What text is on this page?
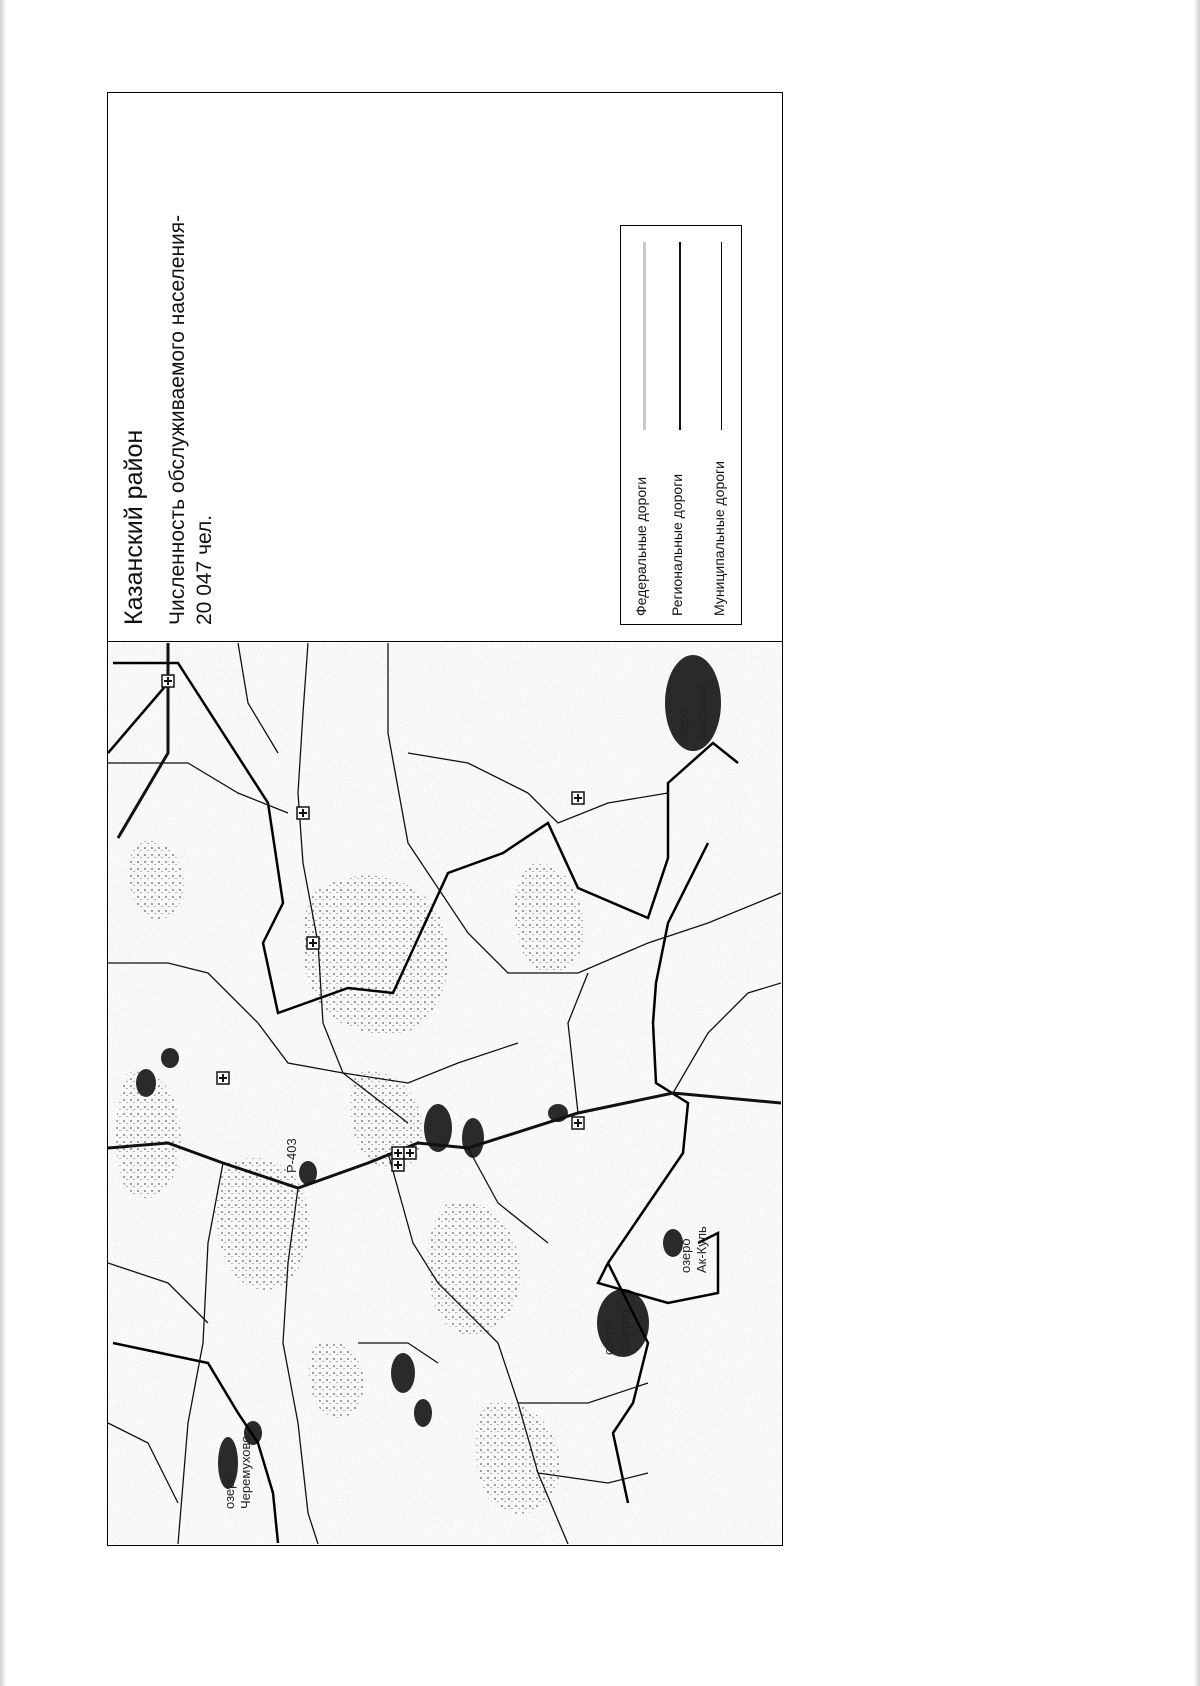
Казанский район Численность обслуживаемого населения- 20 047 чел.	Федеральные дороги Региональные дороги Муниципальные дороги
Р-403
озеро Завозжан
озеро Ошкраз
озеро Ак-Куль
озеро Черемухово
